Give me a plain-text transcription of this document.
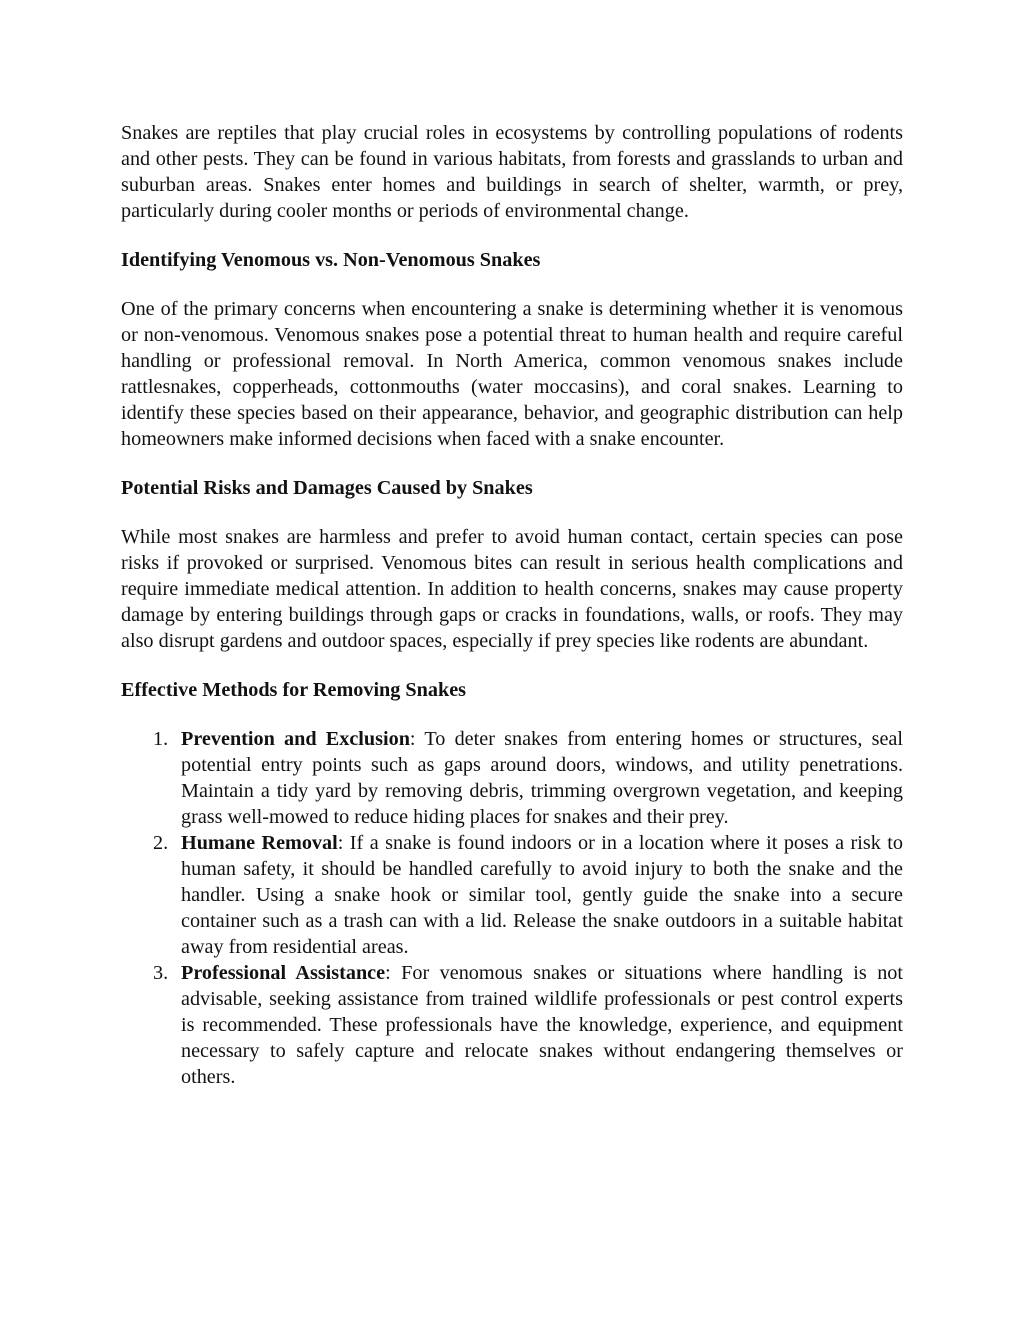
Snakes are reptiles that play crucial roles in ecosystems by controlling populations of rodents and other pests. They can be found in various habitats, from forests and grasslands to urban and suburban areas. Snakes enter homes and buildings in search of shelter, warmth, or prey, particularly during cooler months or periods of environmental change.

Identifying Venomous vs. Non-Venomous Snakes

One of the primary concerns when encountering a snake is determining whether it is venomous or non-venomous. Venomous snakes pose a potential threat to human health and require careful handling or professional removal. In North America, common venomous snakes include rattlesnakes, copperheads, cottonmouths (water moccasins), and coral snakes. Learning to identify these species based on their appearance, behavior, and geographic distribution can help homeowners make informed decisions when faced with a snake encounter.

Potential Risks and Damages Caused by Snakes

While most snakes are harmless and prefer to avoid human contact, certain species can pose risks if provoked or surprised. Venomous bites can result in serious health complications and require immediate medical attention. In addition to health concerns, snakes may cause property damage by entering buildings through gaps or cracks in foundations, walls, or roofs. They may also disrupt gardens and outdoor spaces, especially if prey species like rodents are abundant.

Effective Methods for Removing Snakes

1. Prevention and Exclusion: To deter snakes from entering homes or structures, seal potential entry points such as gaps around doors, windows, and utility penetrations. Maintain a tidy yard by removing debris, trimming overgrown vegetation, and keeping grass well-mowed to reduce hiding places for snakes and their prey.
2. Humane Removal: If a snake is found indoors or in a location where it poses a risk to human safety, it should be handled carefully to avoid injury to both the snake and the handler. Using a snake hook or similar tool, gently guide the snake into a secure container such as a trash can with a lid. Release the snake outdoors in a suitable habitat away from residential areas.
3. Professional Assistance: For venomous snakes or situations where handling is not advisable, seeking assistance from trained wildlife professionals or pest control experts is recommended. These professionals have the knowledge, experience, and equipment necessary to safely capture and relocate snakes without endangering themselves or others.
